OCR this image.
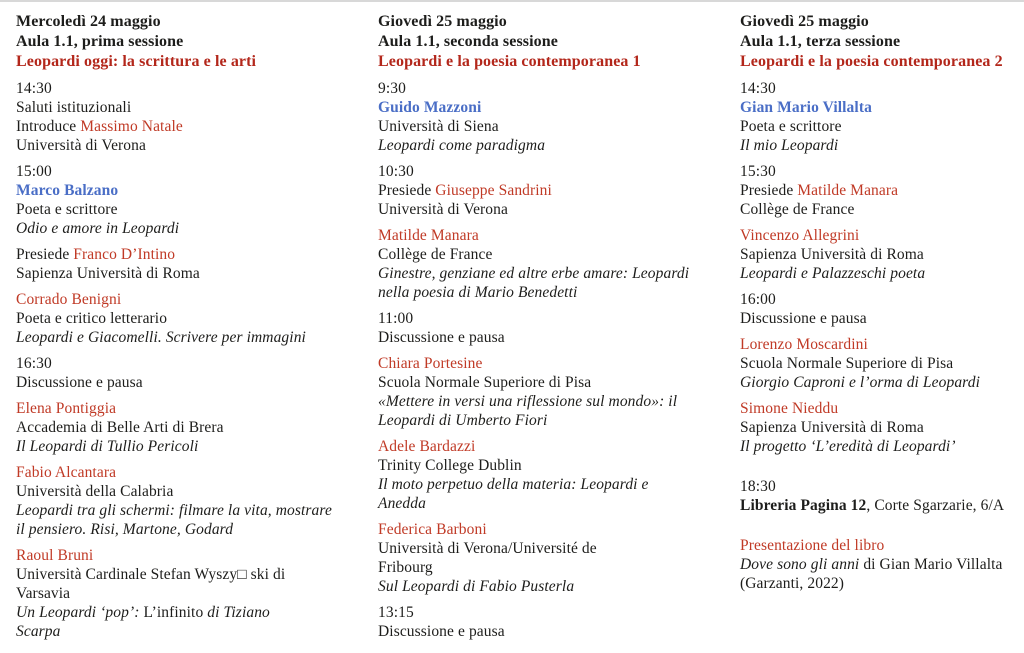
Mercoledì 24 maggio
Aula 1.1, prima sessione
Leopardi oggi: la scrittura e le arti
14:30
Saluti istituzionali
Introduce Massimo Natale
Università di Verona
15:00
Marco Balzano
Poeta e scrittore
Odio e amore in Leopardi
Presiede Franco D’Intino
Sapienza Università di Roma
Corrado Benigni
Poeta e critico letterario
Leopardi e Giacomelli. Scrivere per immagini
16:30
Discussione e pausa
Elena Pontiggia
Accademia di Belle Arti di Brera
Il Leopardi di Tullio Pericoli
Fabio Alcantara
Università della Calabria
Leopardi tra gli schermi: filmare la vita, mostrare
il pensiero. Risi, Martone, Godard
Raoul Bruni
Università Cardinale Stefan Wyszy□ ski di
Varsavia
Un Leopardi ‘pop’: L’infinito di Tiziano
Scarpa
Giovedì 25 maggio
Aula 1.1, seconda sessione
Leopardi e la poesia contemporanea 1
9:30
Guido Mazzoni
Università di Siena
Leopardi come paradigma
10:30
Presiede Giuseppe Sandrini
Università di Verona
Matilde Manara
Collège de France
Ginestre, genziane ed altre erbe amare: Leopardi
nella poesia di Mario Benedetti
11:00
Discussione e pausa
Chiara Portesine
Scuola Normale Superiore di Pisa
«Mettere in versi una riflessione sul mondo»: il
Leopardi di Umberto Fiori
Adele Bardazzi
Trinity College Dublin
Il moto perpetuo della materia: Leopardi e
Anedda
Federica Barboni
Università di Verona/Université de
Fribourg
Sul Leopardi di Fabio Pusterla
13:15
Discussione e pausa
Giovedì 25 maggio
Aula 1.1, terza sessione
Leopardi e la poesia contemporanea 2
14:30
Gian Mario Villalta
Poeta e scrittore
Il mio Leopardi
15:30
Presiede Matilde Manara
Collège de France
Vincenzo Allegrini
Sapienza Università di Roma
Leopardi e Palazzeschi poeta
16:00
Discussione e pausa
Lorenzo Moscardini
Scuola Normale Superiore di Pisa
Giorgio Caproni e l’orma di Leopardi
Simone Nieddu
Sapienza Università di Roma
Il progetto ‘L’eredità di Leopardi’
18:30
Libreria Pagina 12, Corte Sgarzarie, 6/A
Presentazione del libro
Dove sono gli anni di Gian Mario Villalta
(Garzanti, 2022)
